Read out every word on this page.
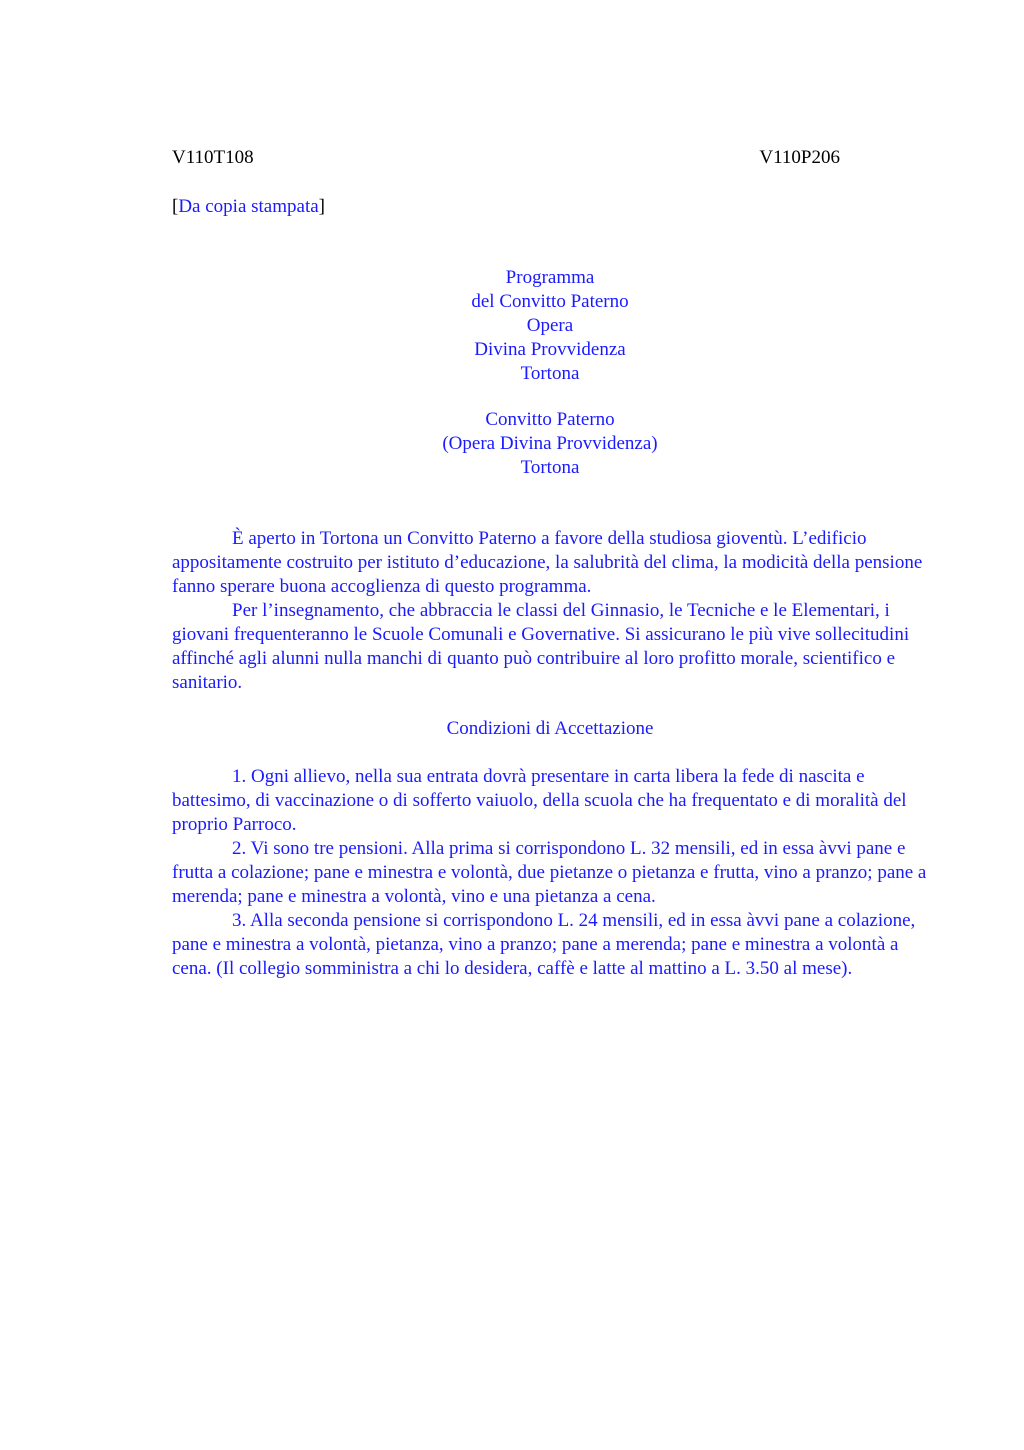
V110T108	V110P206
[Da copia stampata]
Programma
del Convitto Paterno
Opera
Divina Provvidenza
Tortona
Convitto Paterno
(Opera Divina Provvidenza)
Tortona

È aperto in Tortona un Convitto Paterno a favore della studiosa gioventù. L’edificio appositamente costruito per istituto d’educazione, la salubrità del clima, la modicità della pensione fanno sperare buona accoglienza di questo programma.

Per l’insegnamento, che abbraccia le classi del Ginnasio, le Tecniche e le Elementari, i giovani frequenteranno le Scuole Comunali e Governative. Si assicurano le più vive sollecitudini affinché agli alunni nulla manchi di quanto può contribuire al loro profitto morale, scientifico e sanitario.

Condizioni di Accettazione

1. Ogni allievo, nella sua entrata dovrà presentare in carta libera la fede di nascita e battesimo, di vaccinazione o di sofferto vaiuolo, della scuola che ha frequentato e di moralità del proprio Parroco.

2. Vi sono tre pensioni. Alla prima si corrispondono L. 32 mensili, ed in essa àvvi pane e frutta a colazione; pane e minestra e volontà, due pietanze o pietanza e frutta, vino a pranzo; pane a merenda; pane e minestra a volontà, vino e una pietanza a cena.

3. Alla seconda pensione si corrispondono L. 24 mensili, ed in essa àvvi pane a colazione, pane e minestra a volontà, pietanza, vino a pranzo; pane a merenda; pane e minestra a volontà a cena. (Il collegio somministra a chi lo desidera, caffè e latte al mattino a L. 3.50 al mese).
